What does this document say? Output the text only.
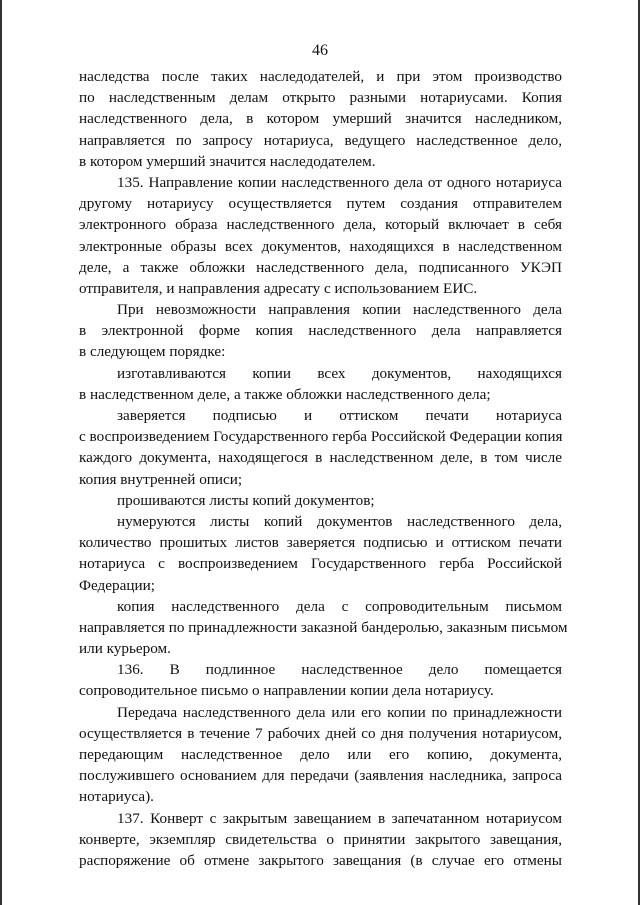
46
наследства после таких наследодателей, и при этом производство
по наследственным делам открыто разными нотариусами. Копия
наследственного дела, в котором умерший значится наследником,
направляется по запросу нотариуса, ведущего наследственное дело,
в котором умерший значится наследодателем.
135. Направление копии наследственного дела от одного нотариуса
другому нотариусу осуществляется путем создания отправителем
электронного образа наследственного дела, который включает в себя
электронные образы всех документов, находящихся в наследственном
деле, а также обложки наследственного дела, подписанного УКЭП
отправителя, и направления адресату с использованием ЕИС.
При невозможности направления копии наследственного дела
в электронной форме копия наследственного дела направляется
в следующем порядке:
изготавливаются копии всех документов, находящихся
в наследственном деле, а также обложки наследственного дела;
заверяется подписью и оттиском печати нотариуса
с воспроизведением Государственного герба Российской Федерации копия
каждого документа, находящегося в наследственном деле, в том числе
копия внутренней описи;
прошиваются листы копий документов;
нумеруются листы копий документов наследственного дела,
количество прошитых листов заверяется подписью и оттиском печати
нотариуса с воспроизведением Государственного герба Российской
Федерации;
копия наследственного дела с сопроводительным письмом
направляется по принадлежности заказной бандеролью, заказным письмом
или курьером.
136. В подлинное наследственное дело помещается
сопроводительное письмо о направлении копии дела нотариусу.
Передача наследственного дела или его копии по принадлежности
осуществляется в течение 7 рабочих дней со дня получения нотариусом,
передающим наследственное дело или его копию, документа,
послужившего основанием для передачи (заявления наследника, запроса
нотариуса).
137. Конверт с закрытым завещанием в запечатанном нотариусом
конверте, экземпляр свидетельства о принятии закрытого завещания,
распоряжение об отмене закрытого завещания (в случае его отмены
